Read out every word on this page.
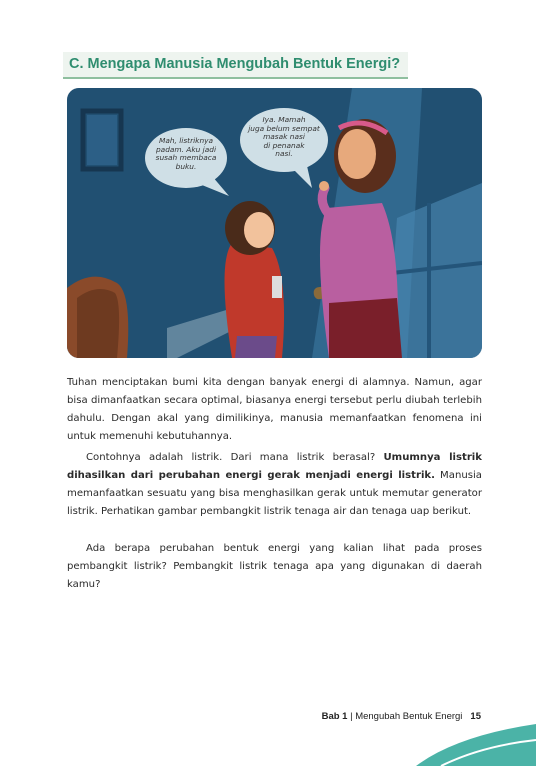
C. Mengapa Manusia Mengubah Bentuk Energi?
Mah, listriknya
padam. Aku jadi
susah membaca
buku.
Iya. Mamah
juga belum sempat
masak nasi
di penanak
nasi.
Tuhan menciptakan bumi kita dengan banyak energi di alamnya. Namun, agar bisa dimanfaatkan secara optimal, biasanya energi tersebut perlu diubah terlebih dahulu. Dengan akal yang dimilikinya, manusia memanfaatkan fenomena ini untuk memenuhi kebutuhannya.
Contohnya adalah listrik. Dari mana listrik berasal? Umumnya listrik dihasilkan dari perubahan energi gerak menjadi energi listrik. Manusia memanfaatkan sesuatu yang bisa menghasilkan gerak untuk memutar generator listrik. Perhatikan gambar pembangkit listrik tenaga air dan tenaga uap berikut.
Ada berapa perubahan bentuk energi yang kalian lihat pada proses pembangkit listrik? Pembangkit listrik tenaga apa yang digunakan di daerah kamu?
Bab 1 | Mengubah Bentuk Energi 15
